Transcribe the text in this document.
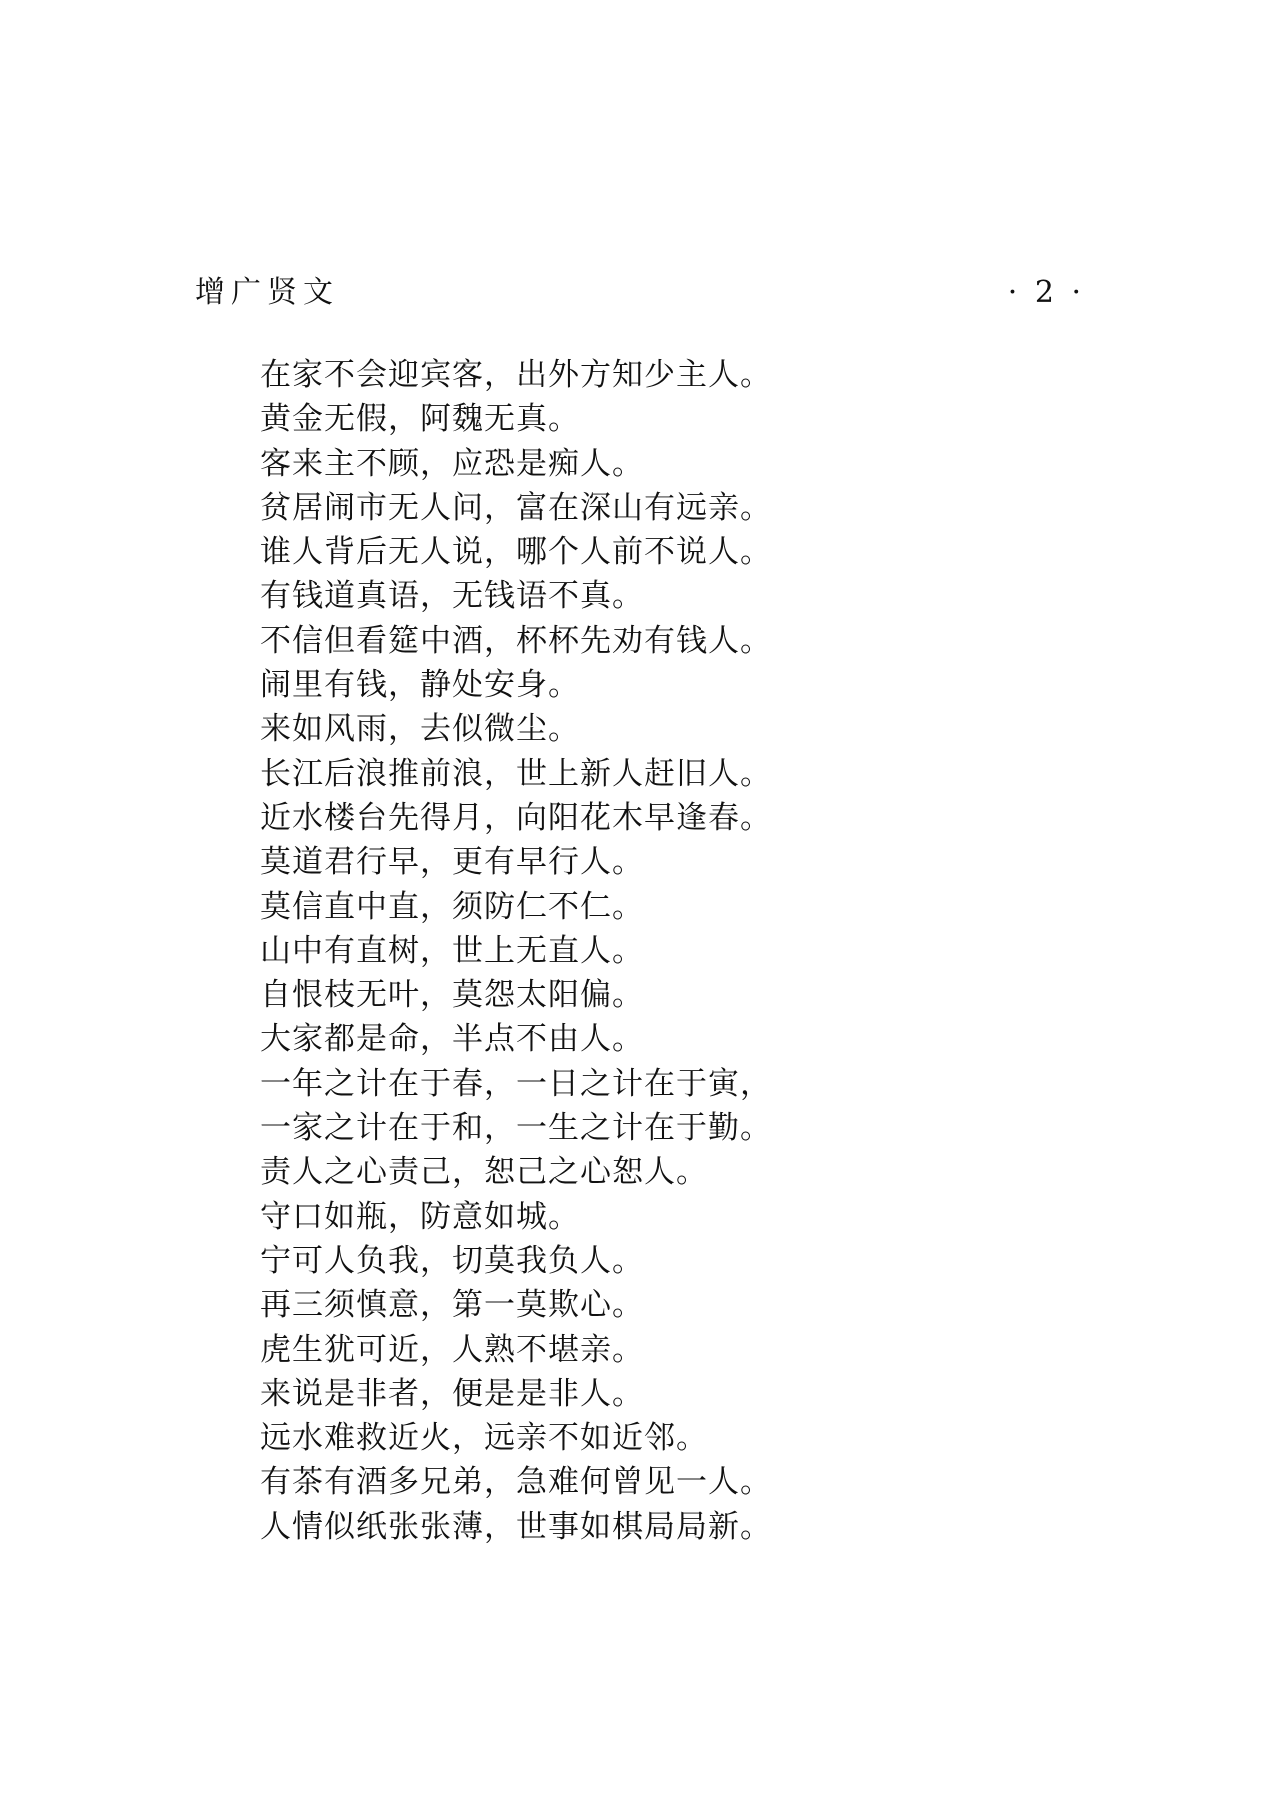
增广贤文	· 2 ·
在家不会迎宾客，出外方知少主人。
黄金无假，阿魏无真。
客来主不顾，应恐是痴人。
贫居闹市无人问，富在深山有远亲。
谁人背后无人说，哪个人前不说人。
有钱道真语，无钱语不真。
不信但看筵中酒，杯杯先劝有钱人。
闹里有钱，静处安身。
来如风雨，去似微尘。
长江后浪推前浪，世上新人赶旧人。
近水楼台先得月，向阳花木早逢春。
莫道君行早，更有早行人。
莫信直中直，须防仁不仁。
山中有直树，世上无直人。
自恨枝无叶，莫怨太阳偏。
大家都是命，半点不由人。
一年之计在于春，一日之计在于寅，
一家之计在于和，一生之计在于勤。
责人之心责己，恕己之心恕人。
守口如瓶，防意如城。
宁可人负我，切莫我负人。
再三须慎意，第一莫欺心。
虎生犹可近，人熟不堪亲。
来说是非者，便是是非人。
远水难救近火，远亲不如近邻。
有茶有酒多兄弟，急难何曾见一人。
人情似纸张张薄，世事如棋局局新。
